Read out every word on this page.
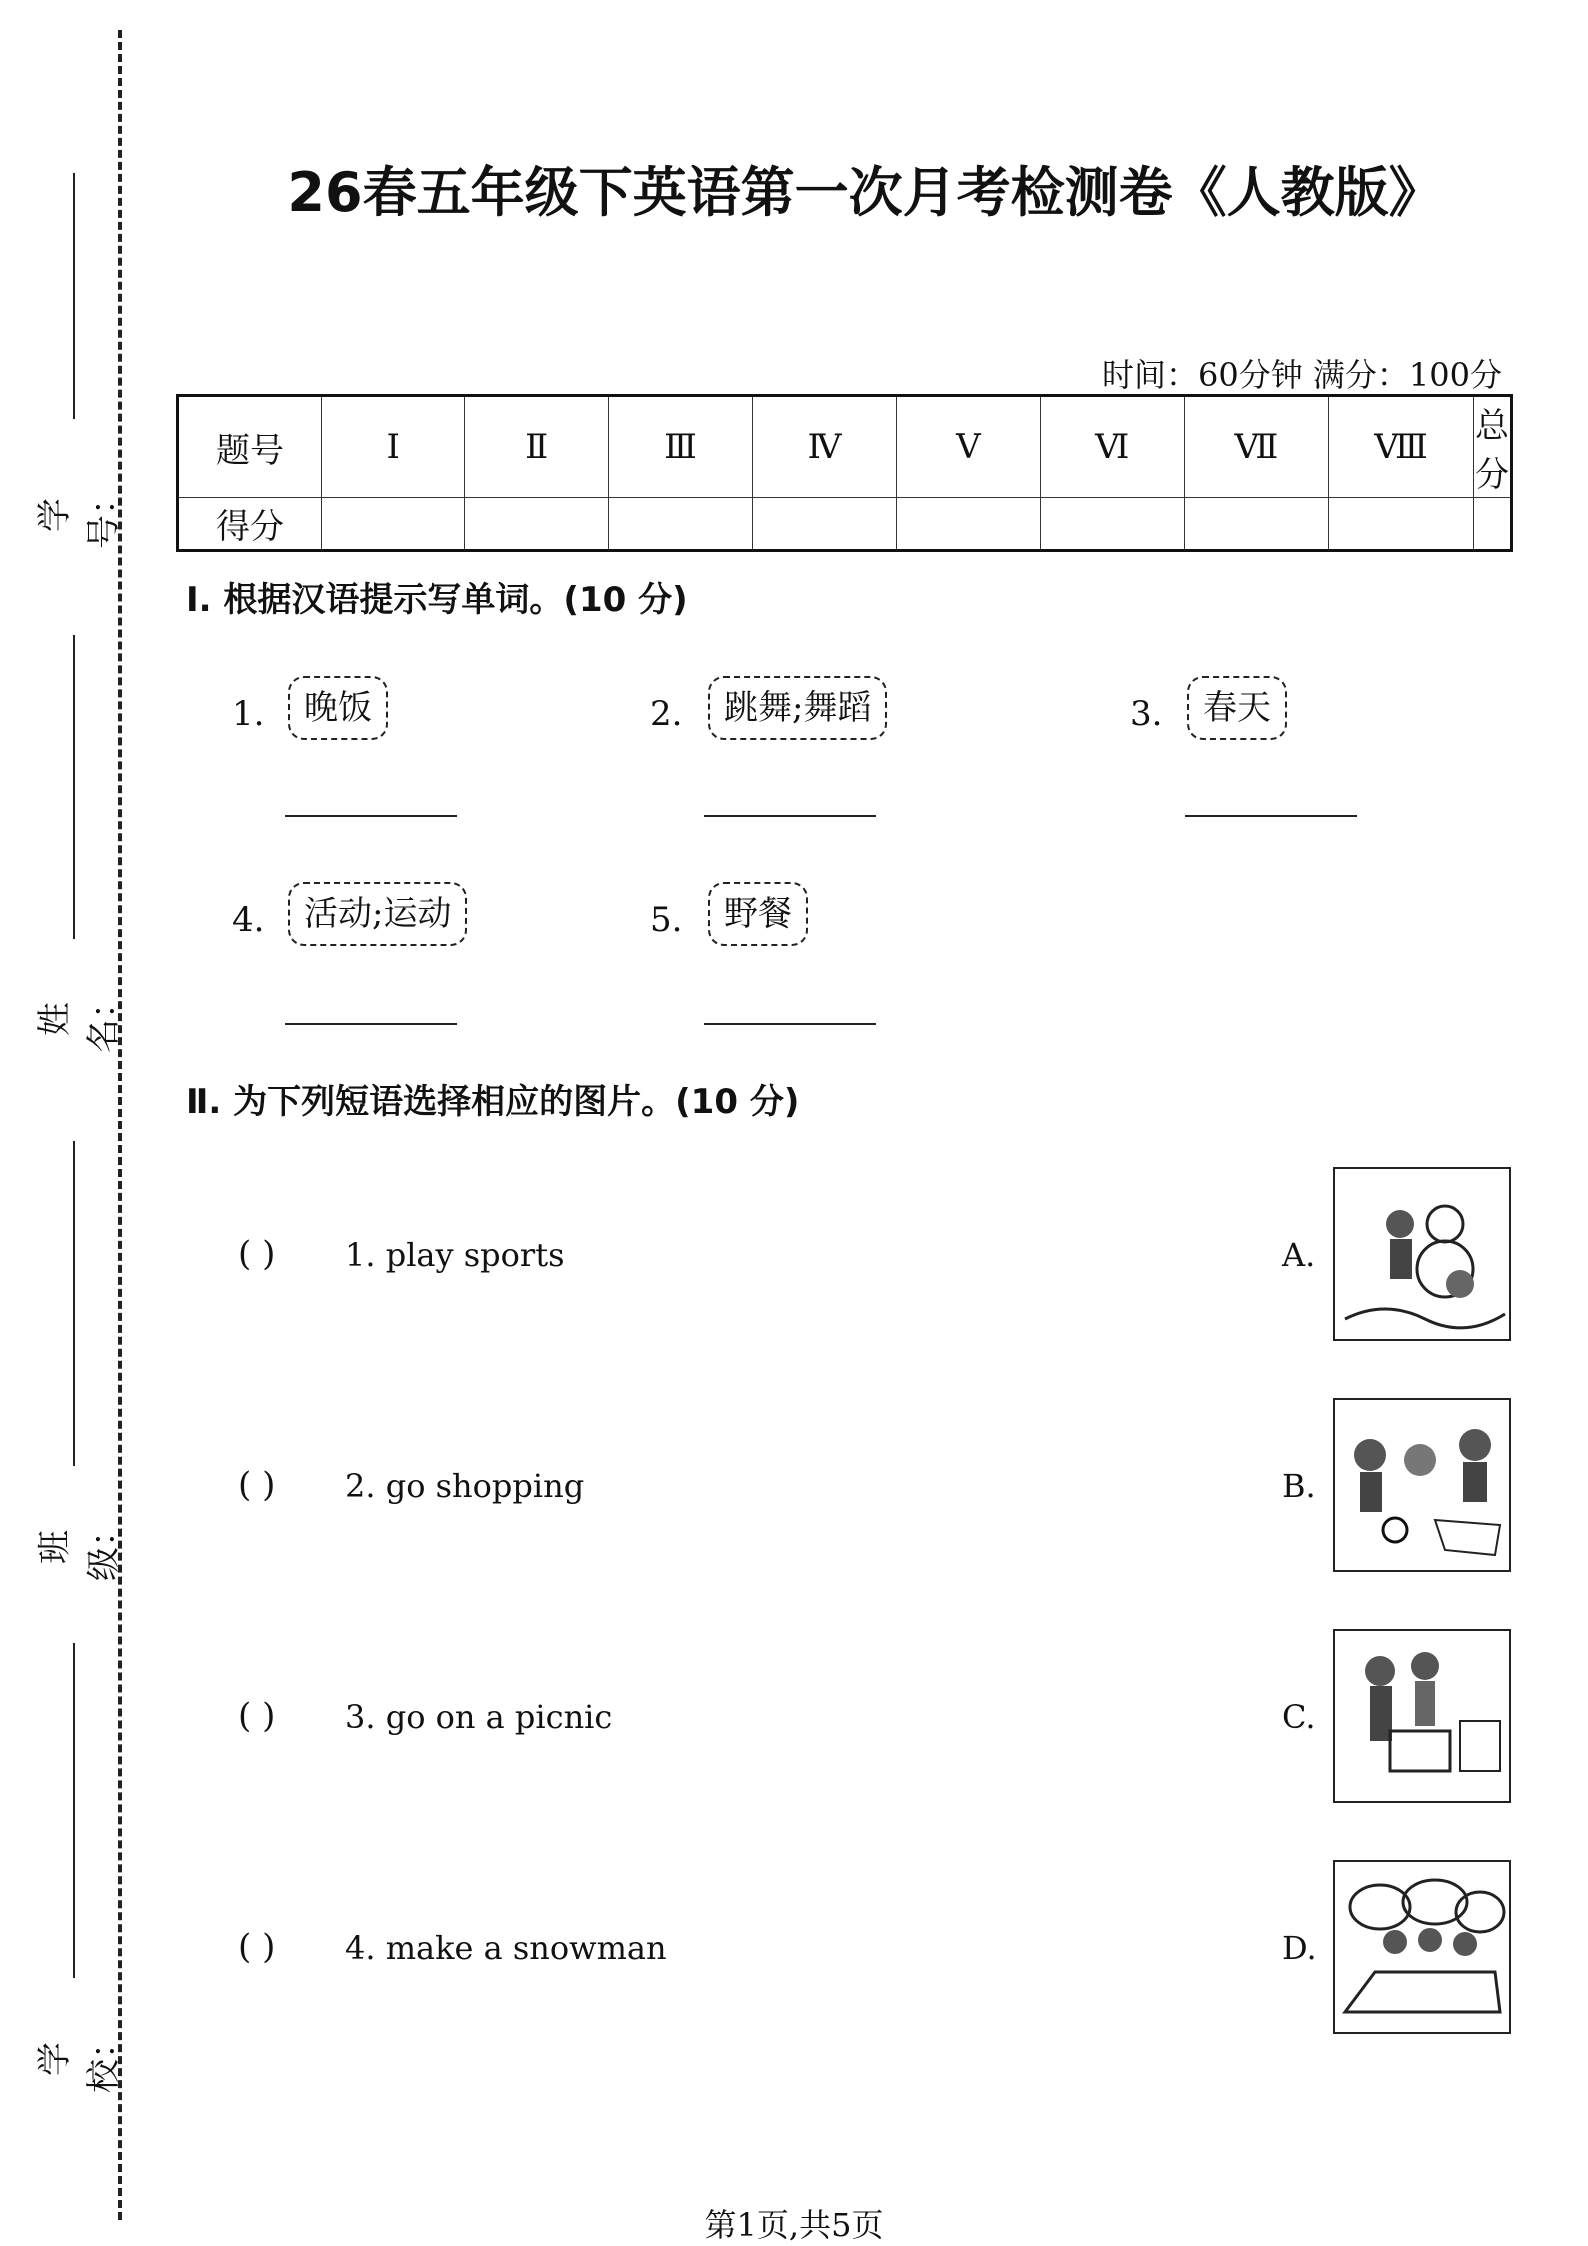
学号：
姓名：
班级：
学校：
26春五年级下英语第一次月考检测卷《人教版》
时间：60分钟 满分：100分
题号	Ⅰ	Ⅱ	Ⅲ	Ⅳ	Ⅴ	Ⅵ	Ⅶ	Ⅷ	总分
得分									
Ⅰ. 根据汉语提示写单词。(10 分)
1.	晚饭	2.	跳舞;舞蹈	3.	春天
4.	活动;运动	5.	野餐
Ⅱ. 为下列短语选择相应的图片。(10 分)
( ) 1. play sports
( ) 2. go shopping
( ) 3. go on a picnic
( ) 4. make a snowman
A.
B.
C.
D.
第1页,共5页
